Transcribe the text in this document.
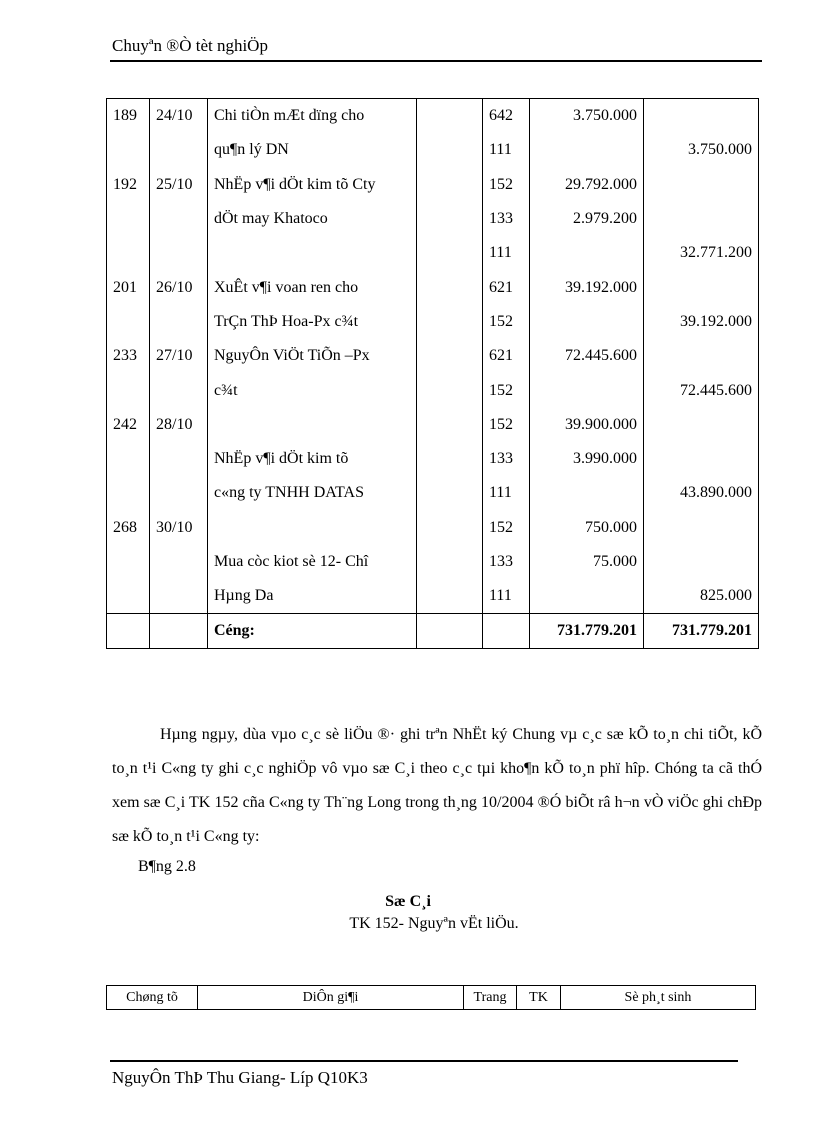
Chuyªn ®Ò tèt nghiÖp
189	24/10	Chi tiÒn mÆt dïng cho		642	3.750.000	
		qu¶n lý DN		111		3.750.000
192	25/10	NhËp v¶i dÖt kim tõ Cty		152	29.792.000	
		dÖt may Khatoco		133	2.979.200	
				111		32.771.200
201	26/10	XuÊt v¶i voan ren cho		621	39.192.000	
		TrÇn ThÞ Hoa-Px c¾t		152		39.192.000
233	27/10	NguyÔn ViÖt TiÕn –Px		621	72.445.600	
		c¾t		152		72.445.600
242	28/10			152	39.900.000	
		NhËp v¶i dÖt kim tõ		133	3.990.000	
		c«ng ty TNHH DATAS		111		43.890.000
268	30/10			152	750.000	
		Mua còc kiot sè 12- Chî		133	75.000	
		Hµng Da		111		825.000
		Céng:			731.779.201	731.779.201

Hµng ngµy, dùa vµo c¸c sè liÖu ®· ghi trªn NhËt ký Chung vµ c¸c sæ kÕ to¸n chi tiÕt, kÕ to¸n t¹i C«ng ty ghi c¸c nghiÖp vô vµo sæ C¸i theo c¸c tµi kho¶n kÕ to¸n phï hîp. Chóng ta cã thÓ xem sæ C¸i TK 152 cña C«ng ty Th¨ng Long trong th¸ng 10/2004 ®Ó biÕt râ h¬n vÒ viÖc ghi chÐp sæ kÕ to¸n t¹i C«ng ty:

B¶ng 2.8
Sæ C¸i
TK 152- Nguyªn vËt liÖu.
Chøng tõ	DiÔn gi¶i	Trang	TK	Sè ph¸t sinh
NguyÔn ThÞ Thu Giang- Líp Q10K3
